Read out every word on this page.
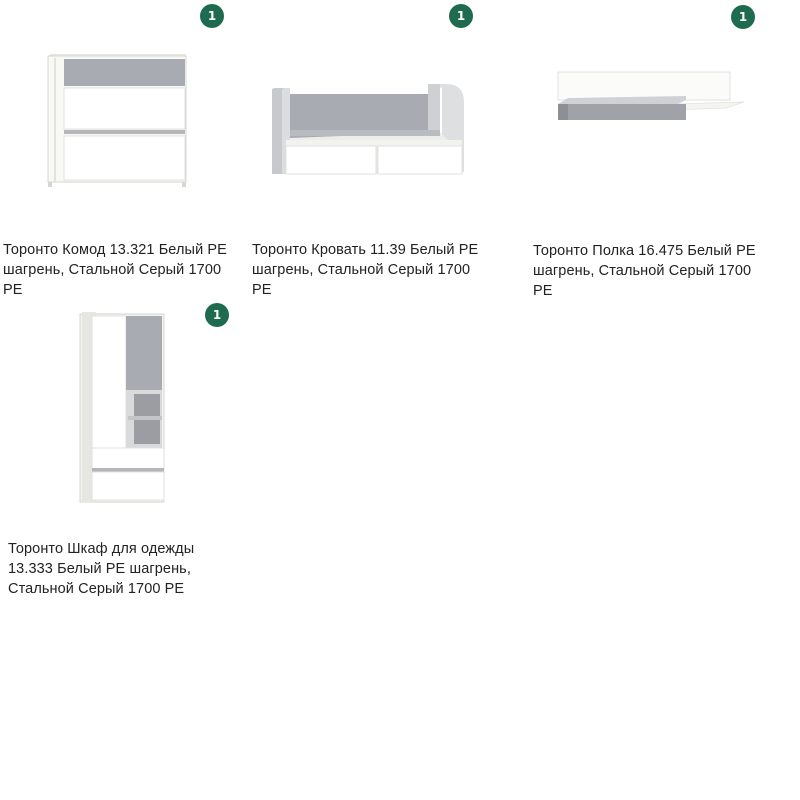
1
Торонто Комод 13.321 Белый PE шагрень, Стальной Серый 1700 PE
1
Торонто Кровать 11.39 Белый PE шагрень, Стальной Серый 1700 PE
1
Торонто Полка 16.475 Белый PE шагрень, Стальной Серый 1700 PE
1
Торонто Шкаф для одежды 13.333 Белый PE шагрень, Стальной Серый 1700 PE
